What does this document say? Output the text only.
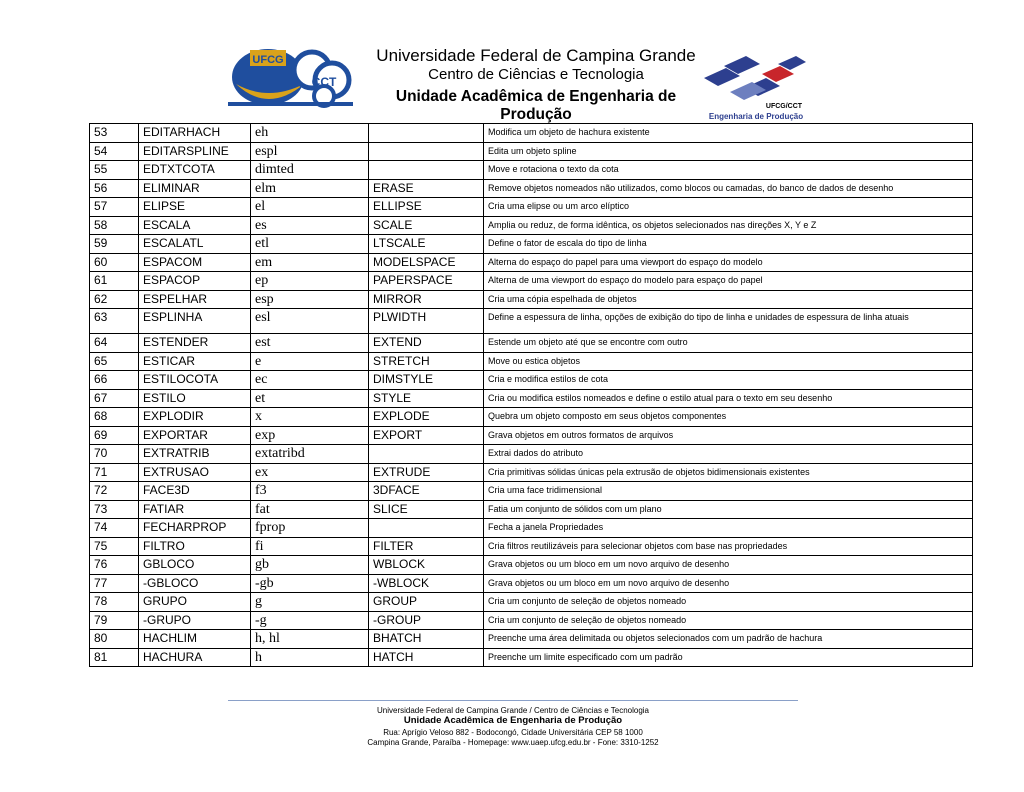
UFCG
CCT
Universidade Federal de Campina Grande
Centro de Ciências e Tecnologia
Unidade Acadêmica de Engenharia de Produção	UFCG/CCT
Engenharia de Produção
53	EDITARHACH	eh		Modifica um objeto de hachura existente
54	EDITARSPLINE	espl		Edita um objeto spline
55	EDTXTCOTA	dimted		Move e rotaciona o texto da cota
56	ELIMINAR	elm	ERASE	Remove objetos nomeados não utilizados, como blocos ou camadas, do banco de dados de desenho
57	ELIPSE	el	ELLIPSE	Cria uma elipse ou um arco elíptico
58	ESCALA	es	SCALE	Amplia ou reduz, de forma idêntica, os objetos selecionados nas direções X, Y e Z
59	ESCALATL	etl	LTSCALE	Define o fator de escala do tipo de linha
60	ESPACOM	em	MODELSPACE	Alterna do espaço do papel para uma viewport do espaço do modelo
61	ESPACOP	ep	PAPERSPACE	Alterna de uma viewport do espaço do modelo para espaço do papel
62	ESPELHAR	esp	MIRROR	Cria uma cópia espelhada de objetos
63	ESPLINHA	esl	PLWIDTH	Define a espessura de linha, opções de exibição do tipo de linha e unidades de espessura de linha atuais
64	ESTENDER	est	EXTEND	Estende um objeto até que se encontre com outro
65	ESTICAR	e	STRETCH	Move ou estica objetos
66	ESTILOCOTA	ec	DIMSTYLE	Cria e modifica estilos de cota
67	ESTILO	et	STYLE	Cria ou modifica estilos nomeados e define o estilo atual para o texto em seu desenho
68	EXPLODIR	x	EXPLODE	Quebra um objeto composto em seus objetos componentes
69	EXPORTAR	exp	EXPORT	Grava objetos em outros formatos de arquivos
70	EXTRATRIB	extatribd		Extrai dados do atributo
71	EXTRUSAO	ex	EXTRUDE	Cria primitivas sólidas únicas pela extrusão de objetos bidimensionais existentes
72	FACE3D	f3	3DFACE	Cria uma face tridimensional
73	FATIAR	fat	SLICE	Fatia um conjunto de sólidos com um plano
74	FECHARPROP	fprop		Fecha a janela Propriedades
75	FILTRO	fi	FILTER	Cria filtros reutilizáveis para selecionar objetos com base nas propriedades
76	GBLOCO	gb	WBLOCK	Grava objetos ou um bloco em um novo arquivo de desenho
77	-GBLOCO	-gb	-WBLOCK	Grava objetos ou um bloco em um novo arquivo de desenho
78	GRUPO	g	GROUP	Cria um conjunto de seleção de objetos nomeado
79	-GRUPO	-g	-GROUP	Cria um conjunto de seleção de objetos nomeado
80	HACHLIM	h, hl	BHATCH	Preenche uma área delimitada ou objetos selecionados com um padrão de hachura
81	HACHURA	h	HATCH	Preenche um limite especificado com um padrão
Universidade Federal de Campina Grande / Centro de Ciências e Tecnologia
Unidade Acadêmica de Engenharia de Produção
Rua: Aprígio Veloso 882 - Bodocongó, Cidade Universitária CEP 58 1000
Campina Grande, Paraíba - Homepage: www.uaep.ufcg.edu.br - Fone: 3310-1252
